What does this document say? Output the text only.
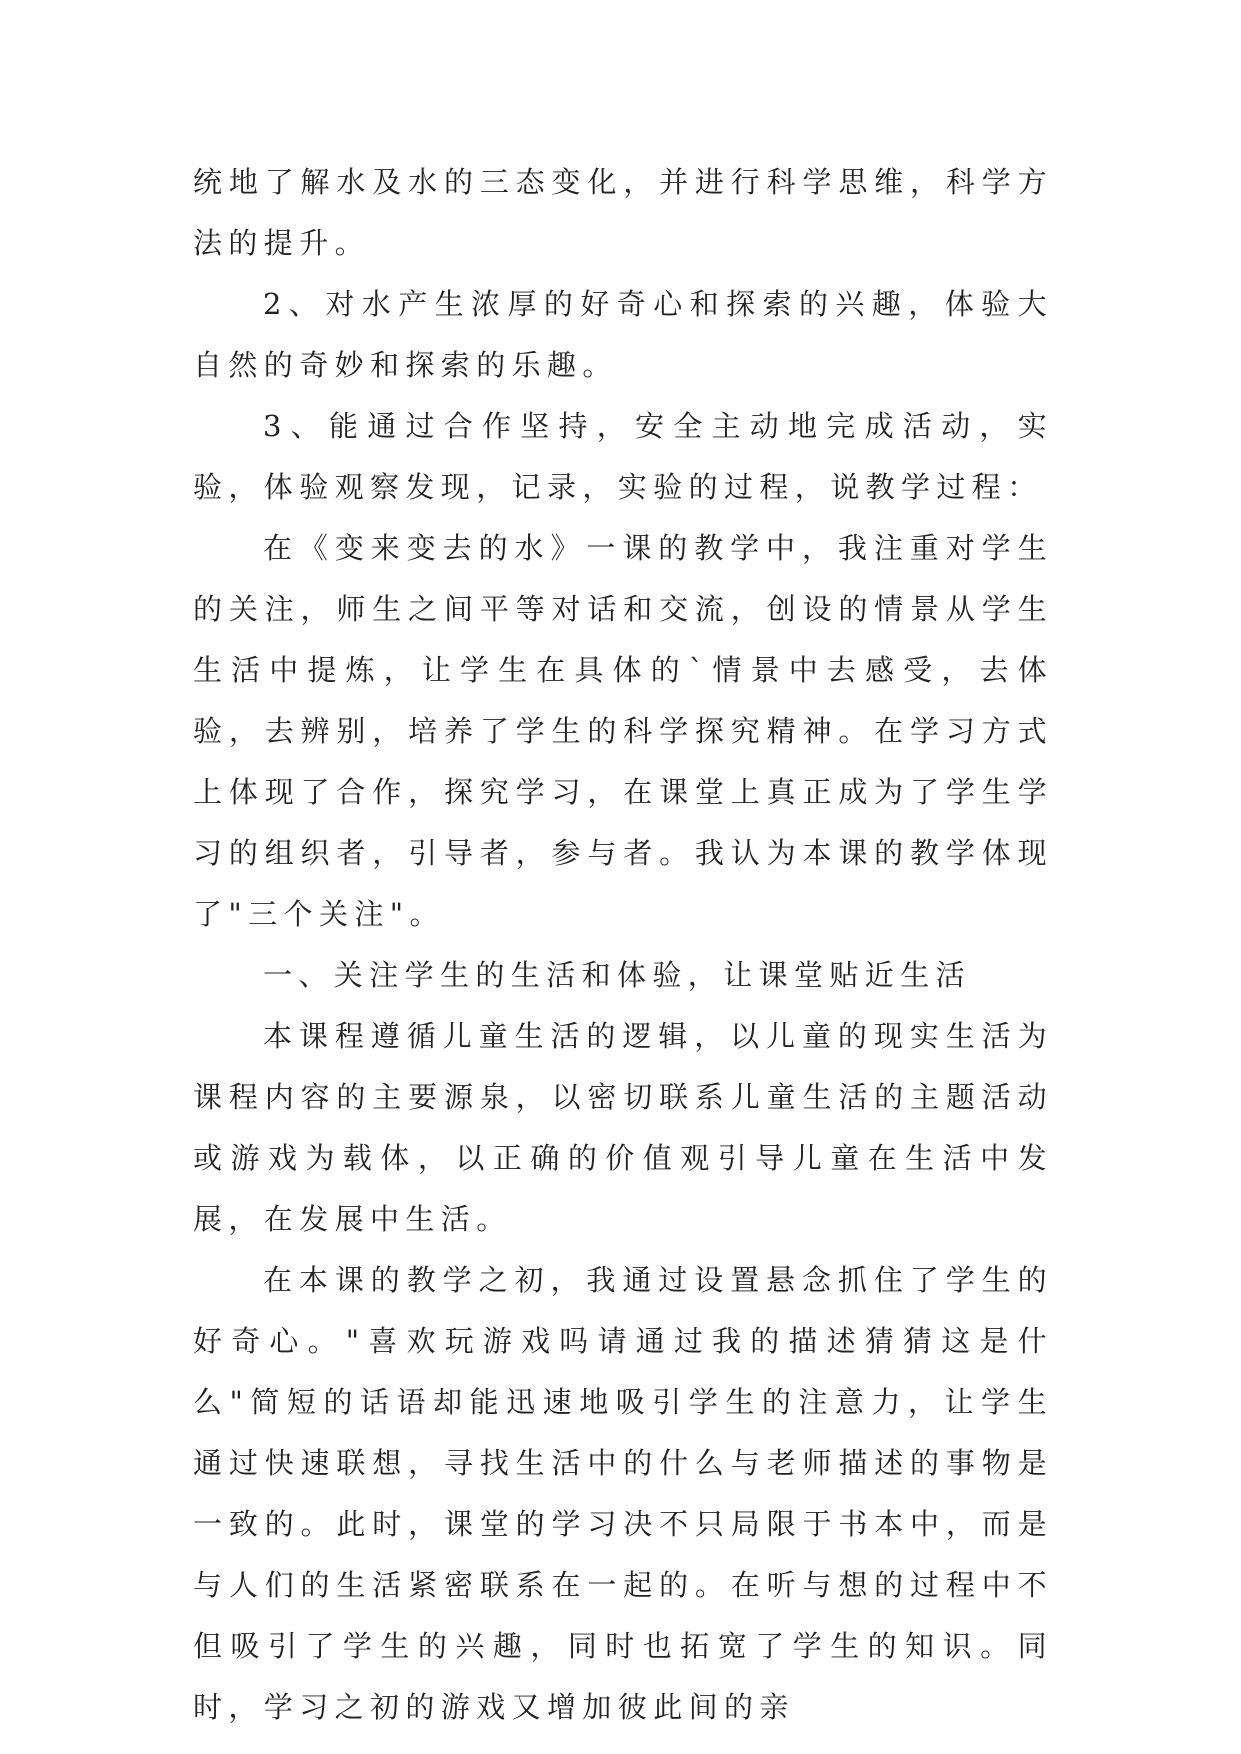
统地了解水及水的三态变化，并进行科学思维，科学方法的提升。

2、对水产生浓厚的好奇心和探索的兴趣，体验大自然的奇妙和探索的乐趣。

3、能通过合作坚持，安全主动地完成活动，实验，体验观察发现，记录，实验的过程，说教学过程：

在《变来变去的水》一课的教学中，我注重对学生的关注，师生之间平等对话和交流，创设的情景从学生生活中提炼，让学生在具体的`情景中去感受，去体验，去辨别，培养了学生的科学探究精神。在学习方式上体现了合作，探究学习，在课堂上真正成为了学生学习的组织者，引导者，参与者。我认为本课的教学体现了"三个关注"。

一、关注学生的生活和体验，让课堂贴近生活

本课程遵循儿童生活的逻辑，以儿童的现实生活为课程内容的主要源泉，以密切联系儿童生活的主题活动或游戏为载体，以正确的价值观引导儿童在生活中发展，在发展中生活。

在本课的教学之初，我通过设置悬念抓住了学生的好奇心。"喜欢玩游戏吗请通过我的描述猜猜这是什么"简短的话语却能迅速地吸引学生的注意力，让学生通过快速联想，寻找生活中的什么与老师描述的事物是一致的。此时，课堂的学习决不只局限于书本中，而是与人们的生活紧密联系在一起的。在听与想的过程中不但吸引了学生的兴趣，同时也拓宽了学生的知识。同时，学习之初的游戏又增加彼此间的亲
